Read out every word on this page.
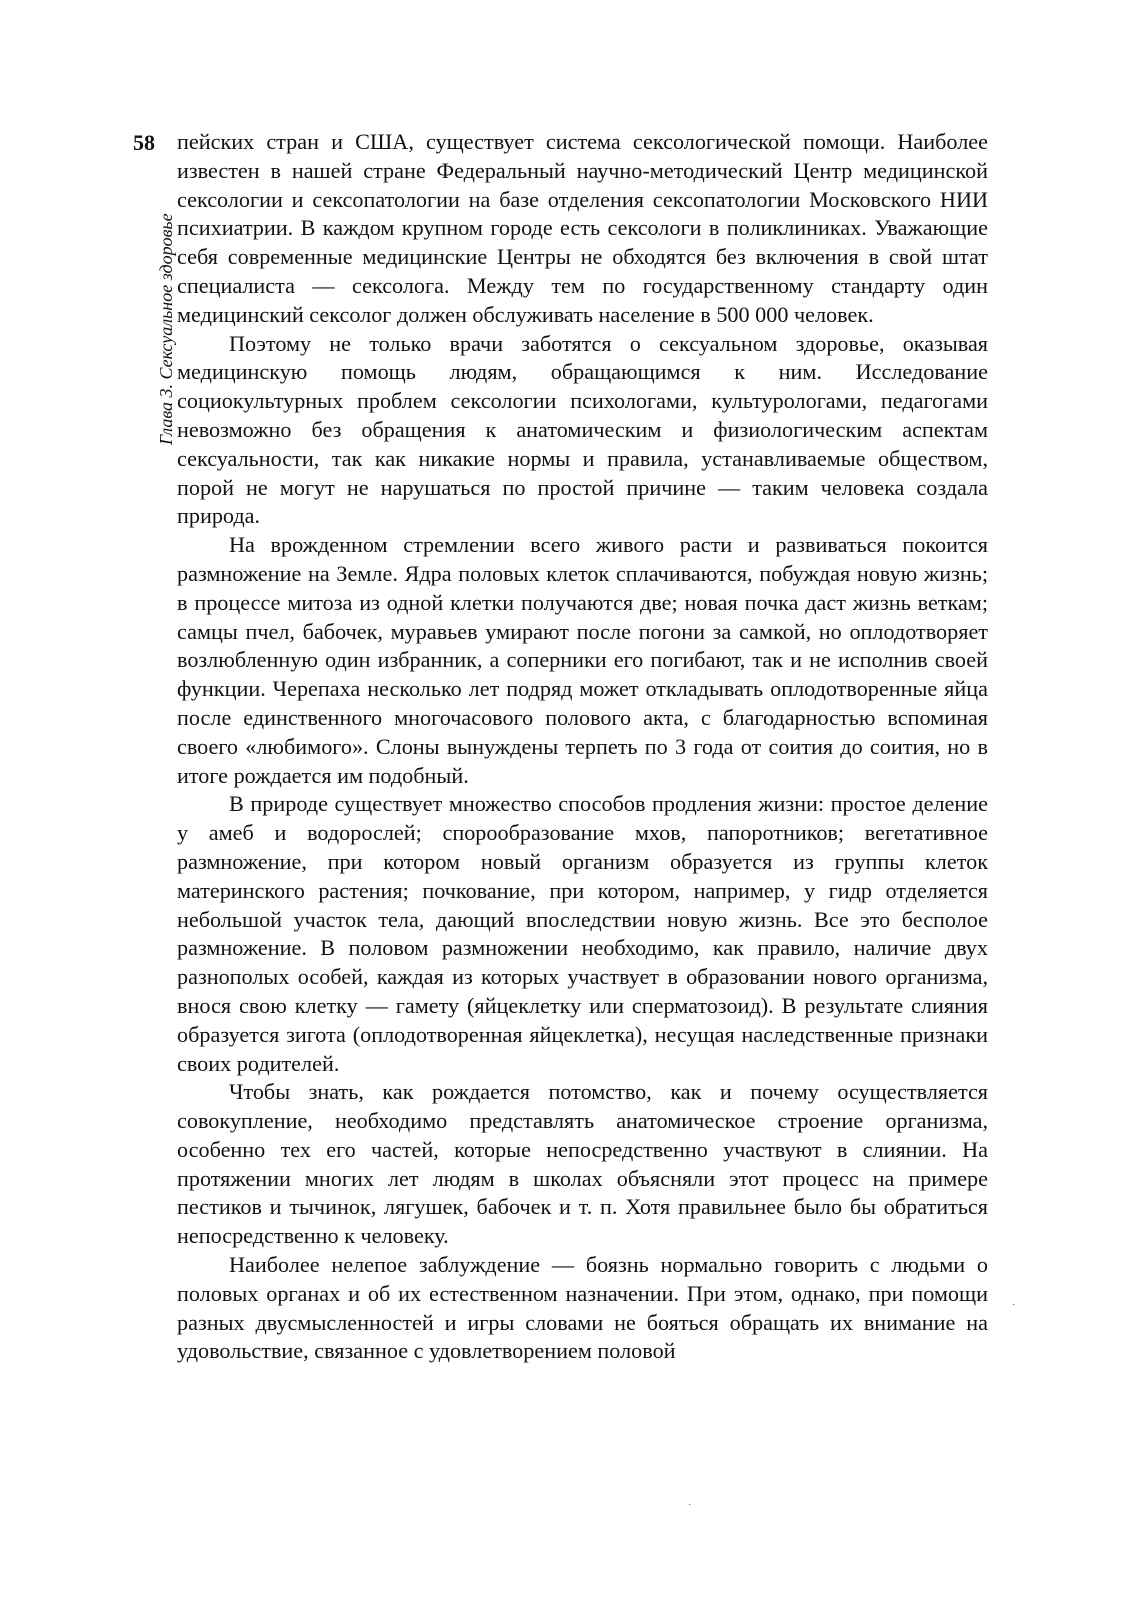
58
Глава 3. Сексуальное здоровье

пейских стран и США, существует система сексологической помощи. Наиболее известен в нашей стране Федеральный научно-методический Центр медицинской сексологии и сексопатологии на базе отделения сексопатологии Московского НИИ психиатрии. В каждом крупном городе есть сексологи в поликлиниках. Уважающие себя современные медицинские Центры не обходятся без включения в свой штат специалиста — сексолога. Между тем по государственному стандарту один медицинский сексолог должен обслуживать население в 500 000 человек.

Поэтому не только врачи заботятся о сексуальном здоровье, оказывая медицинскую помощь людям, обращающимся к ним. Исследование социокультурных проблем сексологии психологами, культурологами, педагогами невозможно без обращения к анатомическим и физиологическим аспектам сексуальности, так как никакие нормы и правила, устанавливаемые обществом, порой не могут не нарушаться по простой причине — таким человека создала природа.

На врожденном стремлении всего живого расти и развиваться покоится размножение на Земле. Ядра половых клеток сплачиваются, побуждая новую жизнь; в процессе митоза из одной клетки получаются две; новая почка даст жизнь веткам; самцы пчел, бабочек, муравьев умирают после погони за самкой, но оплодотворяет возлюбленную один избранник, а соперники его погибают, так и не исполнив своей функции. Черепаха несколько лет подряд может откладывать оплодотворенные яйца после единственного многочасового полового акта, с благодарностью вспоминая своего «любимого». Слоны вынуждены терпеть по 3 года от соития до соития, но в итоге рождается им подобный.

В природе существует множество способов продления жизни: простое деление у амеб и водорослей; спорообразование мхов, папоротников; вегетативное размножение, при котором новый организм образуется из группы клеток материнского растения; почкование, при котором, например, у гидр отделяется небольшой участок тела, дающий впоследствии новую жизнь. Все это бесполое размножение. В половом размножении необходимо, как правило, наличие двух разнополых особей, каждая из которых участвует в образовании нового организма, внося свою клетку — гамету (яйцеклетку или сперматозоид). В результате слияния образуется зигота (оплодотворенная яйцеклетка), несущая наследственные признаки своих родителей.

Чтобы знать, как рождается потомство, как и почему осуществляется совокупление, необходимо представлять анатомическое строение организма, особенно тех его частей, которые непосредственно участвуют в слиянии. На протяжении многих лет людям в школах объясняли этот процесс на примере пестиков и тычинок, лягушек, бабочек и т. п. Хотя правильнее было бы обратиться непосредственно к человеку.

Наиболее нелепое заблуждение — боязнь нормально говорить с людьми о половых органах и об их естественном назначении. При этом, однако, при помощи разных двусмысленностей и игры словами не бояться обращать их внимание на удовольствие, связанное с удовлетворением половой

·
·
